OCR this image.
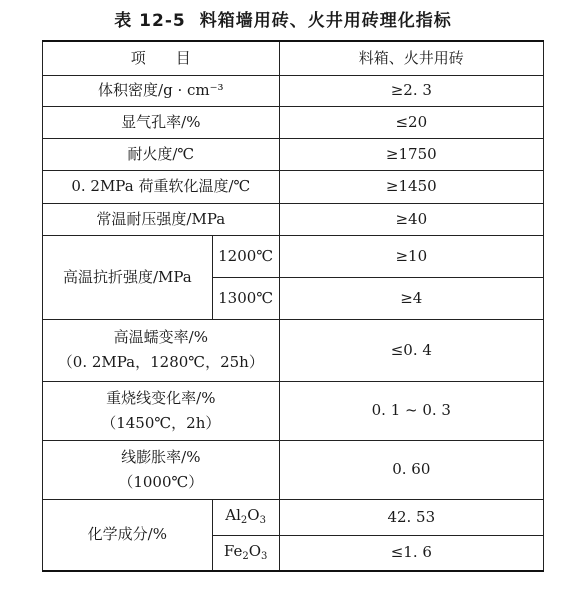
表 12-5 料箱墙用砖、火井用砖理化指标
项　　目		料箱、火井用砖
体积密度/g · cm⁻³		≥2. 3
显气孔率/%		≤20
耐火度/℃		≥1750
0. 2MPa 荷重软化温度/℃		≥1450
常温耐压强度/MPa		≥40
高温抗折强度/MPa	1200℃	≥10
	1300℃	≥4
高温蠕变率/%
（0. 2MPa，1280℃，25h）		≤0. 4
重烧线变化率/%
（1450℃，2h）		0. 1 ~ 0. 3
线膨胀率/%
（1000℃）		0. 60
化学成分/%	$Al_2O_3$	42. 53
	$Fe_2O_3$	≤1. 6
